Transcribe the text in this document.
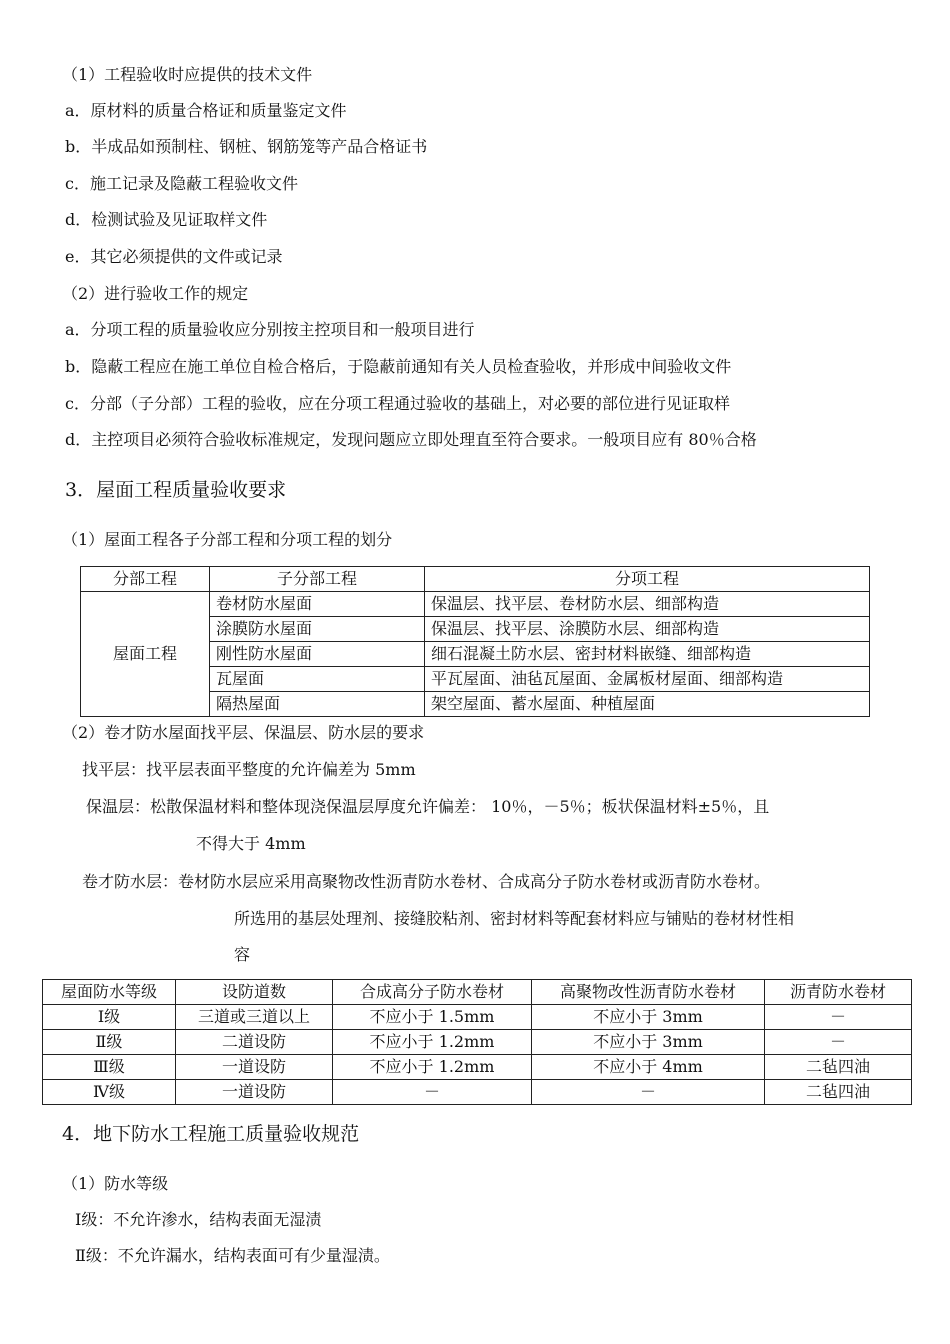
（1）工程验收时应提供的技术文件
a．原材料的质量合格证和质量鉴定文件
b．半成品如预制柱、钢桩、钢筋笼等产品合格证书
c．施工记录及隐蔽工程验收文件
d．检测试验及见证取样文件
e．其它必须提供的文件或记录
（2）进行验收工作的规定
a．分项工程的质量验收应分别按主控项目和一般项目进行
b．隐蔽工程应在施工单位自检合格后，于隐蔽前通知有关人员检查验收，并形成中间验收文件
c．分部（子分部）工程的验收，应在分项工程通过验收的基础上，对必要的部位进行见证取样
d．主控项目必须符合验收标准规定，发现问题应立即处理直至符合要求。一般项目应有 80％合格
3．屋面工程质量验收要求
（1）屋面工程各子分部工程和分项工程的划分
分部工程	子分部工程	分项工程
屋面工程	卷材防水屋面	保温层、找平层、卷材防水层、细部构造
	涂膜防水屋面	保温层、找平层、涂膜防水层、细部构造
	刚性防水屋面	细石混凝土防水层、密封材料嵌缝、细部构造
	瓦屋面	平瓦屋面、油毡瓦屋面、金属板材屋面、细部构造
	隔热屋面	架空屋面、蓄水屋面、种植屋面
（2）卷才防水屋面找平层、保温层、防水层的要求
找平层：找平层表面平整度的允许偏差为 5mm
保温层：松散保温材料和整体现浇保温层厚度允许偏差： 10％，－5％；板状保温材料±5％，且
不得大于 4mm
卷才防水层：卷材防水层应采用高聚物改性沥青防水卷材、合成高分子防水卷材或沥青防水卷材。
所选用的基层处理剂、接缝胶粘剂、密封材料等配套材料应与铺贴的卷材材性相
容
屋面防水等级	设防道数	合成高分子防水卷材	高聚物改性沥青防水卷材	沥青防水卷材
Ⅰ级	三道或三道以上	不应小于 1.5mm	不应小于 3mm	－
Ⅱ级	二道设防	不应小于 1.2mm	不应小于 3mm	－
Ⅲ级	一道设防	不应小于 1.2mm	不应小于 4mm	二毡四油
Ⅳ级	一道设防	－	－	二毡四油
4．地下防水工程施工质量验收规范
（1）防水等级
Ⅰ级：不允许渗水，结构表面无湿渍
Ⅱ级：不允许漏水，结构表面可有少量湿渍。
